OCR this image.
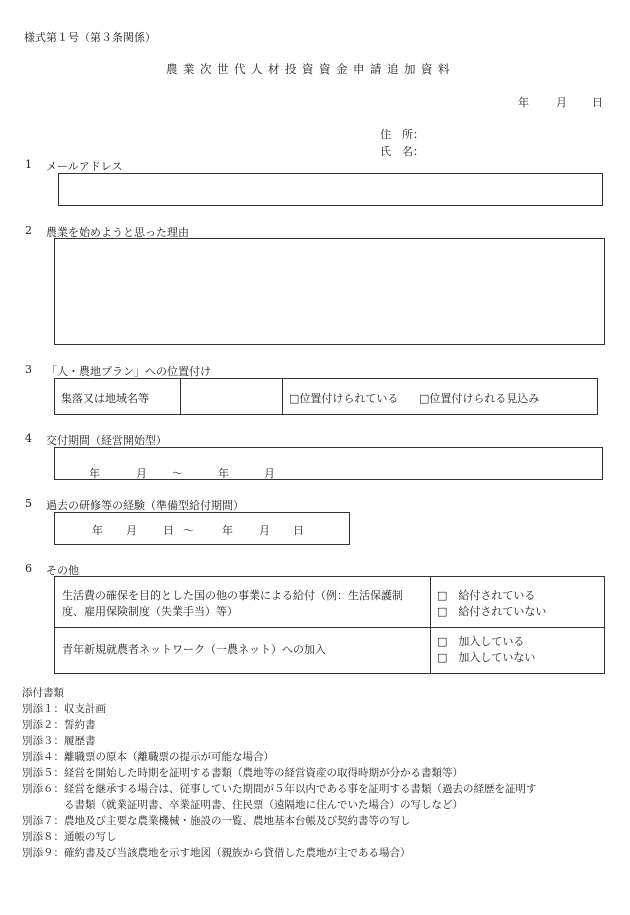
様式第１号（第３条関係）
農業次世代人材投資資金申請追加資料
年 月 日
住　所：
氏　名：
1 メールアドレス
2 農業を始めようと思った理由
3 「人・農地プラン」への位置付け
集落又は地域名等	□位置付けられている □位置付けられる見込み
4 交付期間（経営開始型）
年	月 ～	年	月
5 過去の研修等の経験（準備型給付期間）
年 月 日 ～	年 月 日
6 その他
生活費の確保を目的とした国の他の事業による給付（例：生活保護制
度、雇用保険制度（失業手当）等）
□　給付されている
□　給付されていない
青年新規就農者ネットワーク（一農ネット）への加入
□　加入している
□　加入していない
添付書類
別添１：収支計画
別添２：誓約書
別添３：履歴書
別添４：離職票の原本（離職票の提示が可能な場合）
別添５：経営を開始した時期を証明する書類（農地等の経営資産の取得時期が分かる書類等）
別添６：経営を継承する場合は、従事していた期間が５年以内である事を証明する書類（過去の経歴を証明す
　　　　る書類（就業証明書、卒業証明書、住民票（遠隔地に住んでいた場合）の写しなど）
別添７：農地及び主要な農業機械・施設の一覧、農地基本台帳及び契約書等の写し
別添８：通帳の写し
別添９：確約書及び当該農地を示す地図（親族から貸借した農地が主である場合）
